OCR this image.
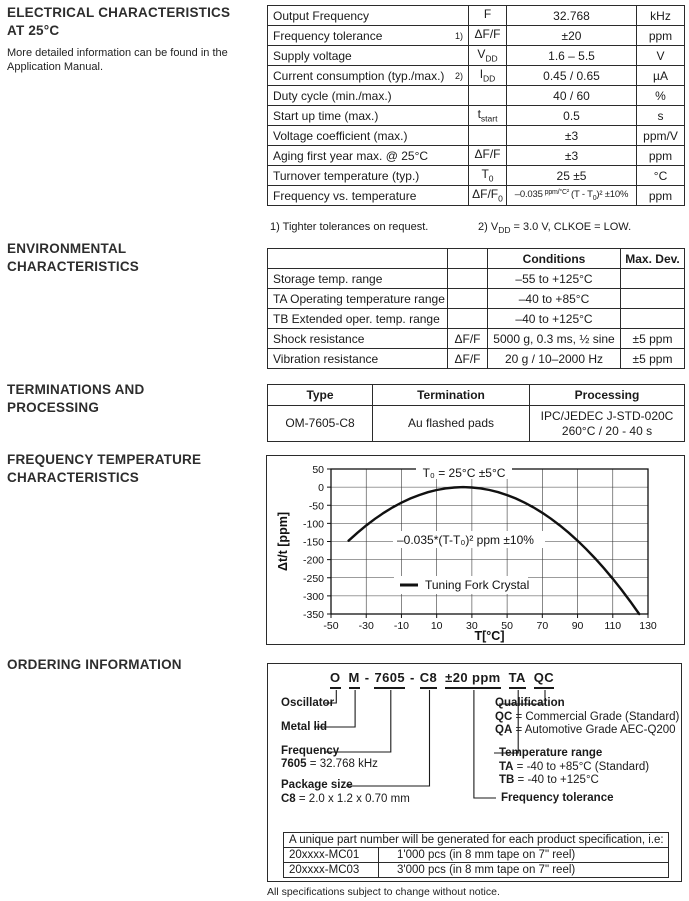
ELECTRICAL CHARACTERISTICS
AT 25°C
More detailed information can be found in the
Application Manual.
ENVIRONMENTAL
CHARACTERISTICS
TERMINATIONS AND
PROCESSING
FREQUENCY TEMPERATURE
CHARACTERISTICS
ORDERING INFORMATION
Output Frequency	F	32.768	kHz

Frequency tolerance 1)	ΔF/F	±20	ppm

Supply voltage	$V_{DD}$	1.6 – 5.5	V

Current consumption (typ./max.) 2)	$I_{DD}$	0.45 / 0.65	µA

Duty cycle (min./max.)		40 / 60	%

Start up time (max.)	$t_{start}$	0.5	s

Voltage coefficient (max.)		±3	ppm/V

Aging first year max. @ 25°C	ΔF/F	±3	ppm

Turnover temperature (typ.)	$T_0$	25 ±5	°C

Frequency vs. temperature	$\Delta F/F_0$	–0.035 $^{ppm/^\circ C^2}$ $(T - T_0)^2 \pm 10\%$	ppm
1) Tighter tolerances on request.	2) $V_{DD} = 3.0$ V, CLKOE = LOW.
		Conditions	Max. Dev.
Storage temp. range		–55 to +125°C	
TA Operating temperature range		–40 to +85°C	
TB Extended oper. temp. range		–40 to +125°C	
Shock resistance	ΔF/F	5000 g, 0.3 ms, ½ sine	±5 ppm
Vibration resistance	ΔF/F	20 g / 10–2000 Hz	±5 ppm
Type	Termination	Processing
OM-7605-C8	Au flashed pads	IPC/JEDEC J-STD-020C
260°C / 20 - 40 s
-50 -30 -10 10 30 50 70 90 110 130
50
0
-50
-100
-150
-200
-250
-300
-350
T₀ = 25°C ±5°C
–0.035*(T-T₀)² ppm ±10%
Tuning Fork Crystal
T[°C]
Δt/t [ppm]
O M - 7605 - C8 ±20 ppm TA QC
Oscillator
Metal lid
Frequency
7605 = 32.768 kHz
Package size
C8 = 2.0 x 1.2 x 0.70 mm
Qualification
QC = Commercial Grade (Standard)
QA = Automotive Grade AEC-Q200
Temperature range
TA = -40 to +85°C (Standard)
TB = -40 to +125°C
Frequency tolerance
A unique part number will be generated for each product specification, i.e:	
20xxxx-MC01	1'000 pcs (in 8 mm tape on 7" reel)
20xxxx-MC03	3'000 pcs (in 8 mm tape on 7" reel)
All specifications subject to change without notice.
